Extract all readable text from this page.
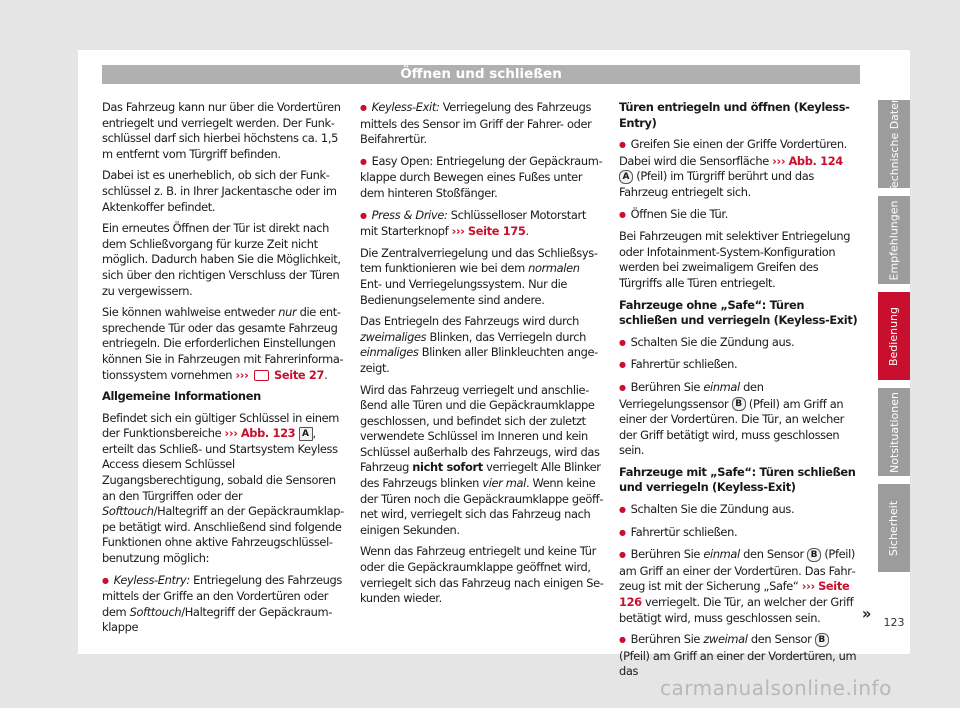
Öffnen und schließen

Das Fahrzeug kann nur über die Vordertüren entriegelt und verriegelt werden. Der Funkschlüssel darf sich hierbei höchstens ca. 1,5 m entfernt vom Türgriff befinden.

Dabei ist es unerheblich, ob sich der Funkschlüssel z. B. in Ihrer Jackentasche oder im Aktenkoffer befindet.

Ein erneutes Öffnen der Tür ist direkt nach dem Schließvorgang für kurze Zeit nicht möglich. Dadurch haben Sie die Möglichkeit, sich über den richtigen Verschluss der Türen zu vergewissern.

Sie können wahlweise entweder nur die entsprechende Tür oder das gesamte Fahrzeug entriegeln. Die erforderlichen Einstellungen können Sie in Fahrzeugen mit Fahrerinformationssystem vornehmen ››› Seite 27.

Allgemeine Informationen

Befindet sich ein gültiger Schlüssel in einem der Funktionsbereiche ››› Abb. 123 A , erteilt das Schließ- und Startsystem Keyless Access diesem Schlüssel Zugangsberechtigung, sobald die Sensoren an den Türgriffen oder der Softtouch/Haltegriff an der Gepäckraumklappe betätigt wird. Anschließend sind folgende Funktionen ohne aktive Fahrzeugschlüsselbenutzung möglich:

● Keyless-Entry: Entriegelung des Fahrzeugs mittels der Griffe an den Vordertüren oder dem Softtouch/Haltegriff der Gepäckraumklappe

● Keyless-Exit: Verriegelung des Fahrzeugs mittels des Sensor im Griff der Fahrer- oder Beifahrertür.

● Easy Open: Entriegelung der Gepäckraumklappe durch Bewegen eines Fußes unter dem hinteren Stoßfänger.

● Press & Drive: Schlüsselloser Motorstart mit Starterknopf ››› Seite 175.

Die Zentralverriegelung und das Schließsystem funktionieren wie bei dem normalen Ent- und Verriegelungssystem. Nur die Bedienungselemente sind andere.

Das Entriegeln des Fahrzeugs wird durch zweimaliges Blinken, das Verriegeln durch einmaliges Blinken aller Blinkleuchten angezeigt.

Wird das Fahrzeug verriegelt und anschließend alle Türen und die Gepäckraumklappe geschlossen, und befindet sich der zuletzt verwendete Schlüssel im Inneren und kein Schlüssel außerhalb des Fahrzeugs, wird das Fahrzeug nicht sofort verriegelt Alle Blinker des Fahrzeugs blinken vier mal. Wenn keine der Türen noch die Gepäckraumklappe geöffnet wird, verriegelt sich das Fahrzeug nach einigen Sekunden.

Wenn das Fahrzeug entriegelt und keine Tür oder die Gepäckraumklappe geöffnet wird, verriegelt sich das Fahrzeug nach einigen Sekunden wieder.

Türen entriegeln und öffnen (Keyless-Entry)

● Greifen Sie einen der Griffe Vordertüren. Dabei wird die Sensorfläche ››› Abb. 124 A (Pfeil) im Türgriff berührt und das Fahrzeug entriegelt sich.

● Öffnen Sie die Tür.

Bei Fahrzeugen mit selektiver Entriegelung oder Infotainment-System-Konfiguration werden bei zweimaligem Greifen des Türgriffs alle Türen entriegelt.

Fahrzeuge ohne „Safe“: Türen schließen und verriegeln (Keyless-Exit)

● Schalten Sie die Zündung aus.

● Fahrertür schließen.

● Berühren Sie einmal den Verriegelungssensor B (Pfeil) am Griff an einer der Vordertüren. Die Tür, an welcher der Griff betätigt wird, muss geschlossen sein.

Fahrzeuge mit „Safe“: Türen schließen und verriegeln (Keyless-Exit)

● Schalten Sie die Zündung aus.

● Fahrertür schließen.

● Berühren Sie einmal den Sensor B (Pfeil) am Griff an einer der Vordertüren. Das Fahrzeug ist mit der Sicherung „Safe“ ››› Seite 126 verriegelt. Die Tür, an welcher der Griff betätigt wird, muss geschlossen sein.

● Berühren Sie zweimal den Sensor B (Pfeil) am Griff an einer der Vordertüren, um das

Technische Daten
Empfehlungen
Bedienung
Notsituationen
Sicherheit
»	123
carmanualsonline.info
